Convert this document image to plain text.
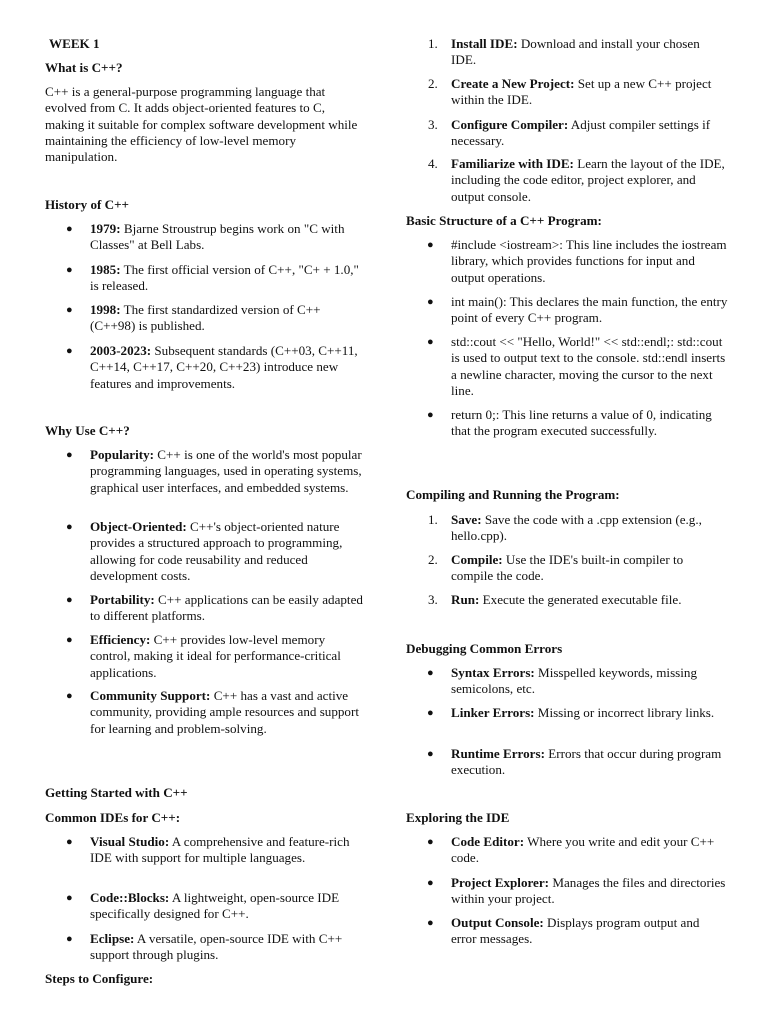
WEEK 1
What is C++?
C++ is a general-purpose programming language that evolved from C. It adds object-oriented features to C, making it suitable for complex software development while maintaining the efficiency of low-level memory manipulation.
History of C++
● 1979: Bjarne Stroustrup begins work on "C with Classes" at Bell Labs.
● 1985: The first official version of C++, "C+ + 1.0," is released.
● 1998: The first standardized version of C++ (C++98) is published.
● 2003-2023: Subsequent standards (C++03, C++11, C++14, C++17, C++20, C++23) introduce new features and improvements.
Why Use C++?
● Popularity: C++ is one of the world's most popular programming languages, used in operating systems, graphical user interfaces, and embedded systems.
● Object-Oriented: C++'s object-oriented nature provides a structured approach to programming, allowing for code reusability and reduced development costs.
● Portability: C++ applications can be easily adapted to different platforms.
● Efficiency: C++ provides low-level memory control, making it ideal for performance-critical applications.
● Community Support: C++ has a vast and active community, providing ample resources and support for learning and problem-solving.
Getting Started with C++
Common IDEs for C++:
● Visual Studio: A comprehensive and feature-rich IDE with support for multiple languages.
● Code::Blocks: A lightweight, open-source IDE specifically designed for C++.
● Eclipse: A versatile, open-source IDE with C++ support through plugins.
Steps to Configure:
1. Install IDE: Download and install your chosen IDE.
2. Create a New Project: Set up a new C++ project within the IDE.
3. Configure Compiler: Adjust compiler settings if necessary.
4. Familiarize with IDE: Learn the layout of the IDE, including the code editor, project explorer, and output console.
Basic Structure of a C++ Program:
● #include <iostream>: This line includes the iostream library, which provides functions for input and output operations.
● int main(): This declares the main function, the entry point of every C++ program.
● std::cout << "Hello, World!" << std::endl;: std::cout is used to output text to the console. std::endl inserts a newline character, moving the cursor to the next line.
● return 0;: This line returns a value of 0, indicating that the program executed successfully.
Compiling and Running the Program:
1. Save: Save the code with a .cpp extension (e.g., hello.cpp).
2. Compile: Use the IDE's built-in compiler to compile the code.
3. Run: Execute the generated executable file.
Debugging Common Errors
● Syntax Errors: Misspelled keywords, missing semicolons, etc.
● Linker Errors: Missing or incorrect library links.
● Runtime Errors: Errors that occur during program execution.
Exploring the IDE
● Code Editor: Where you write and edit your C++ code.
● Project Explorer: Manages the files and directories within your project.
● Output Console: Displays program output and error messages.
